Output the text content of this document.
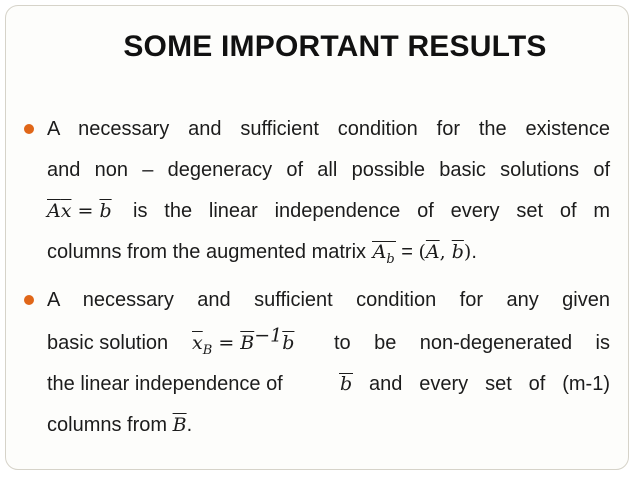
SOME IMPORTANT RESULTS
A necessary and sufficient condition for the existence
and non – degeneracy of all possible basic solutions of
$\overline{A}\overline{x} = \overline{b}$ is the linear independence of every set of m
columns from the augmented matrix $A_b = (\overline{A}$, $\overline{b}$).
A necessary and sufficient condition for any given
basic solution $\overline{x}_B = \overline{B}^{-1}\overline{b}$ to be non-degenerated is
the linear independence of	b and every set of (m-1)
columns from $\overline{B}$.
